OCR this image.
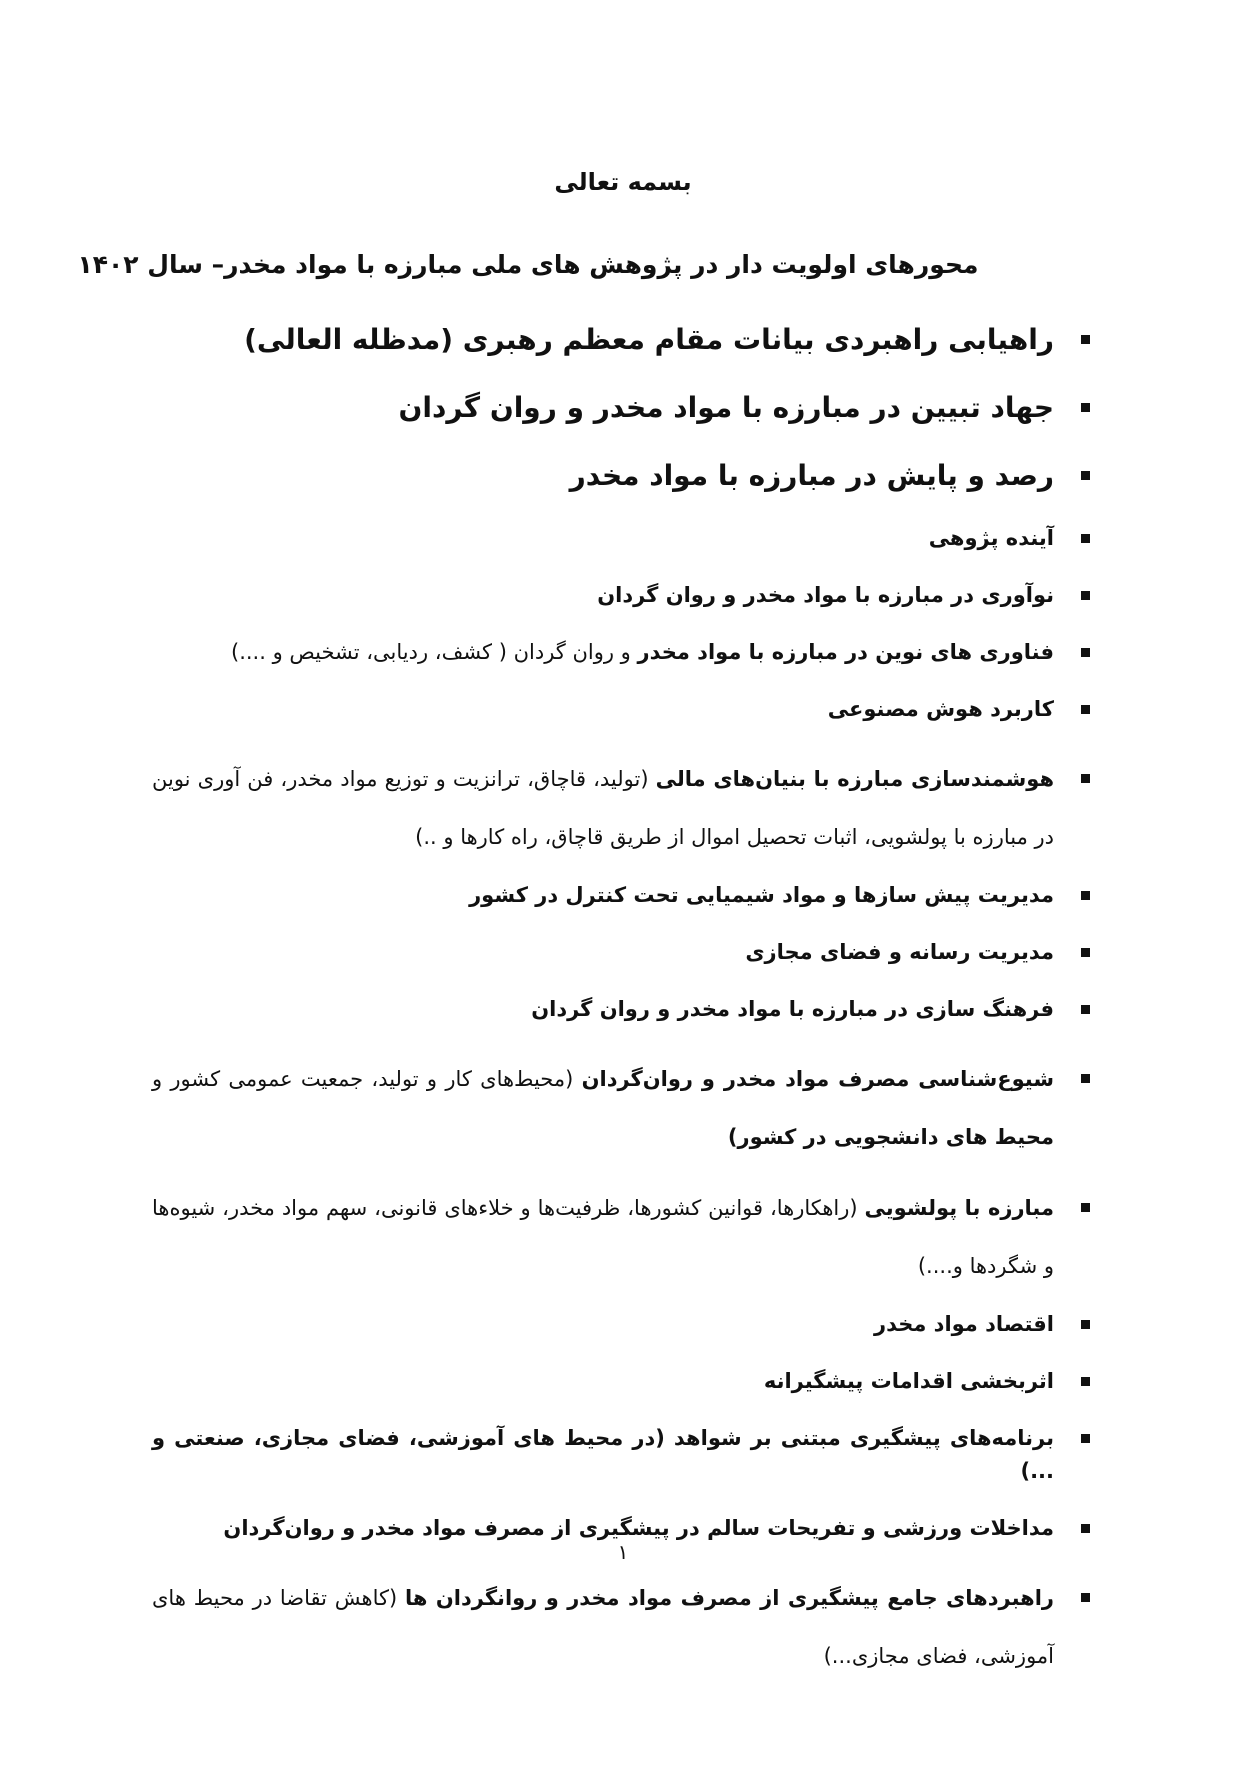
بسمه تعالی

محورهای اولویت دار در پژوهش های ملی مبارزه با مواد مخدر– سال ۱۴۰۲

راهیابی راهبردی بیانات مقام معظم رهبری (مدظله العالی)
جهاد تبیین در مبارزه با مواد مخدر و روان گردان
رصد و پایش در مبارزه با مواد مخدر
آینده پژوهی
نوآوری در مبارزه با مواد مخدر و روان گردان
فناوری های نوین در مبارزه با مواد مخدر و روان گردان ( کشف، ردیابی، تشخیص و ....)
کاربرد هوش مصنوعی
هوشمندسازی مبارزه با بنیان‌های مالی (تولید، قاچاق، ترانزیت و توزیع مواد مخدر، فن آوری نوین در مبارزه با پولشویی، اثبات تحصیل اموال از طریق قاچاق، راه کارها و ..)
مدیریت پیش سازها و مواد شیمیایی تحت کنترل در کشور
مدیریت رسانه و فضای مجازی
فرهنگ سازی در مبارزه با مواد مخدر و روان گردان
شیوع‌شناسی مصرف مواد مخدر و روان‌گردان (محیط‌های کار و تولید، جمعیت عمومی کشور و محیط های دانشجویی در کشور)
مبارزه با پولشویی (راهکارها، قوانین کشورها، ظرفیت‌ها و خلاءهای قانونی، سهم مواد مخدر، شیوه‌ها و شگردها و....)
اقتصاد مواد مخدر
اثربخشی اقدامات پیشگیرانه
برنامه‌های پیشگیری مبتنی بر شواهد (در محیط های آموزشی، فضای مجازی، صنعتی و ...)
مداخلات ورزشی و تفریحات سالم در پیشگیری از مصرف مواد مخدر و روان‌گردان
راهبردهای جامع پیشگیری از مصرف مواد مخدر و روانگردان ها (کاهش تقاضا در محیط های آموزشی، فضای مجازی...)

۱
